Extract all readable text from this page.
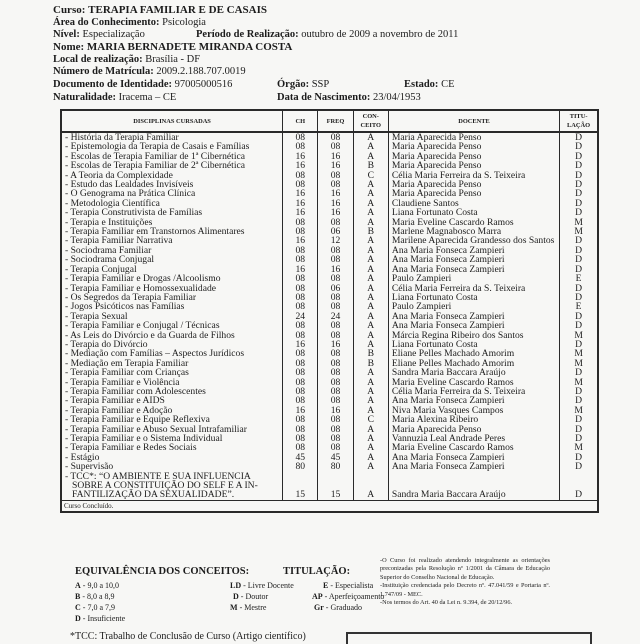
Curso: TERAPIA FAMILIAR E DE CASAIS
Área do Conhecimento: Psicologia
Nível: Especialização	Período de Realização: outubro de 2009 a novembro de 2011
Nome: MARIA BERNADETE MIRANDA COSTA
Local de realização: Brasília - DF
Número de Matrícula: 2009.2.188.707.0019
Documento de Identidade: 97005000516	Órgão: SSP	Estado: CE
Naturalidade: Iracema – CE	Data de Nascimento: 23/04/1953
DISCIPLINAS CURSADAS	CH	FREQ	CON-
CEITO	DOCENTE	TITU-
LAÇÃO
- História da Terapia Familiar	08	08	A	Maria Aparecida Penso	D
- Epistemologia da Terapia de Casais e Famílias	08	08	A	Maria Aparecida Penso	D
- Escolas de Terapia Familiar de 1ª Cibernética	16	16	A	Maria Aparecida Penso	D
- Escolas de Terapia Familiar de 2ª Cibernética	16	16	B	Maria Aparecida Penso	D
- A Teoria da Complexidade	08	08	C	Célia Maria Ferreira da S. Teixeira	D
- Estudo das Lealdades Invisíveis	08	08	A	Maria Aparecida Penso	D
- O Genograma na Prática Clínica	16	16	A	Maria Aparecida Penso	D
- Metodologia Científica	16	16	A	Claudiene Santos	D
- Terapia Construtivista de Famílias	16	16	A	Liana Fortunato Costa	D
- Terapia e Instituições	08	08	A	Maria Eveline Cascardo Ramos	M
- Terapia Familiar em Transtornos Alimentares	08	06	B	Marlene Magnabosco Marra	M
- Terapia Familiar Narrativa	16	12	A	Marilene Aparecida Grandesso dos Santos	D
- Sociodrama Familiar	08	08	A	Ana Maria Fonseca Zampieri	D
- Sociodrama Conjugal	08	08	A	Ana Maria Fonseca Zampieri	D
- Terapia Conjugal	16	16	A	Ana Maria Fonseca Zampieri	D
- Terapia Familiar e Drogas /Alcoolismo	08	08	A	Paulo Zampieri	E
- Terapia Familiar e Homossexualidade	08	06	A	Célia Maria Ferreira da S. Teixeira	D
- Os Segredos da Terapia Familiar	08	08	A	Liana Fortunato Costa	D
- Jogos Psicóticos nas Famílias	08	08	A	Paulo Zampieri	E
- Terapia Sexual	24	24	A	Ana Maria Fonseca Zampieri	D
- Terapia Familiar e Conjugal / Técnicas	08	08	A	Ana Maria Fonseca Zampieri	D
- As Leis do Divórcio e da Guarda de Filhos	08	08	A	Márcia Regina Ribeiro dos Santos	M
- Terapia do Divórcio	16	16	A	Liana Fortunato Costa	D
- Mediação com Famílias – Aspectos Jurídicos	08	08	B	Eliane Pelles Machado Amorim	M
- Mediação em Terapia Familiar	08	08	B	Eliane Pelles Machado Amorim	M
- Terapia Familiar com Crianças	08	08	A	Sandra Maria Baccara Araújo	D
- Terapia Familiar e Violência	08	08	A	Maria Eveline Cascardo Ramos	M
- Terapia Familiar com Adolescentes	08	08	A	Célia Maria Ferreira da S. Teixeira	D
- Terapia Familiar e AIDS	08	08	A	Ana Maria Fonseca Zampieri	D
- Terapia Familiar e Adoção	16	16	A	Niva Maria Vasques Campos	M
- Terapia Familiar e Equipe Reflexiva	08	08	C	Maria Alexina Ribeiro	D
- Terapia Familiar e Abuso Sexual Intrafamiliar	08	08	A	Maria Aparecida Penso	D
- Terapia Familiar e o Sistema Individual	08	08	A	Vannuzia Leal Andrade Peres	D
- Terapia Familiar e Redes Sociais	08	08	A	Maria Eveline Cascardo Ramos	M
- Estágio	45	45	A	Ana Maria Fonseca Zampieri	D
- Supervisão	80	80	A	Ana Maria Fonseca Zampieri	D
- TCC*: “O AMBIENTE E SUA INFLUENCIA
SOBRE A CONSTITUIÇÃO DO SELF E A IN-
FANTILIZAÇÃO DA SEXUALIDADE”.	15	15	A	Sandra Maria Baccara Araújo	D
Curso Concluído.					
EQUIVALÊNCIA DOS CONCEITOS:
A - 9,0 a 10,0
B - 8,0 a 8,9
C - 7,0 a 7,9
D - Insuficiente
TITULAÇÃO:
LD - Livre Docente
D - Doutor
M - Mestre
E - Especialista
AP - Aperfeiçoamento
Gr - Graduado

-O Curso foi realizado atendendo integralmente as orientações preconizadas pela Resolução nº 1/2001 da Câmara de Educação Superior do Conselho Nacional de Educação.

-Instituição credenciada pelo Decreto nº. 47.041/59 e Portaria nº. 1.747/09 - MEC.

-Nos termos do Art. 40 da Lei n. 9.394, de 20/12/96.

*TCC: Trabalho de Conclusão de Curso (Artigo científico)
